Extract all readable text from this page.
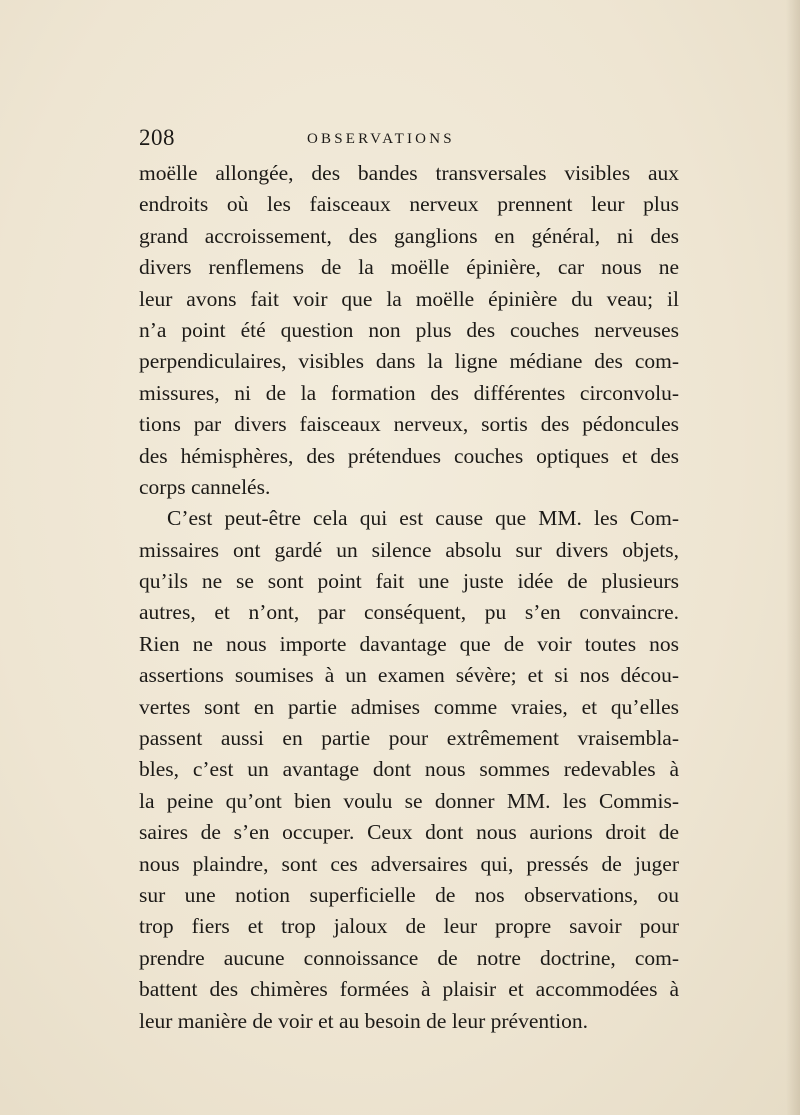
208	OBSERVATIONS
moëlle allongée, des bandes transversales visibles aux
endroits où les faisceaux nerveux prennent leur plus
grand accroissement, des ganglions en général, ni des
divers renflemens de la moëlle épinière, car nous ne
leur avons fait voir que la moëlle épinière du veau; il
n’a point été question non plus des couches nerveuses
perpendiculaires, visibles dans la ligne médiane des com-
missures, ni de la formation des différentes circonvolu-
tions par divers faisceaux nerveux, sortis des pédoncules
des hémisphères, des prétendues couches optiques et des
corps cannelés.
C’est peut-être cela qui est cause que MM. les Com-
missaires ont gardé un silence absolu sur divers objets,
qu’ils ne se sont point fait une juste idée de plusieurs
autres, et n’ont, par conséquent, pu s’en convaincre.
Rien ne nous importe davantage que de voir toutes nos
assertions soumises à un examen sévère; et si nos décou-
vertes sont en partie admises comme vraies, et qu’elles
passent aussi en partie pour extrêmement vraisembla-
bles, c’est un avantage dont nous sommes redevables à
la peine qu’ont bien voulu se donner MM. les Commis-
saires de s’en occuper. Ceux dont nous aurions droit de
nous plaindre, sont ces adversaires qui, pressés de juger
sur une notion superficielle de nos observations, ou
trop fiers et trop jaloux de leur propre savoir pour
prendre aucune connoissance de notre doctrine, com-
battent des chimères formées à plaisir et accommodées à
leur manière de voir et au besoin de leur prévention.
